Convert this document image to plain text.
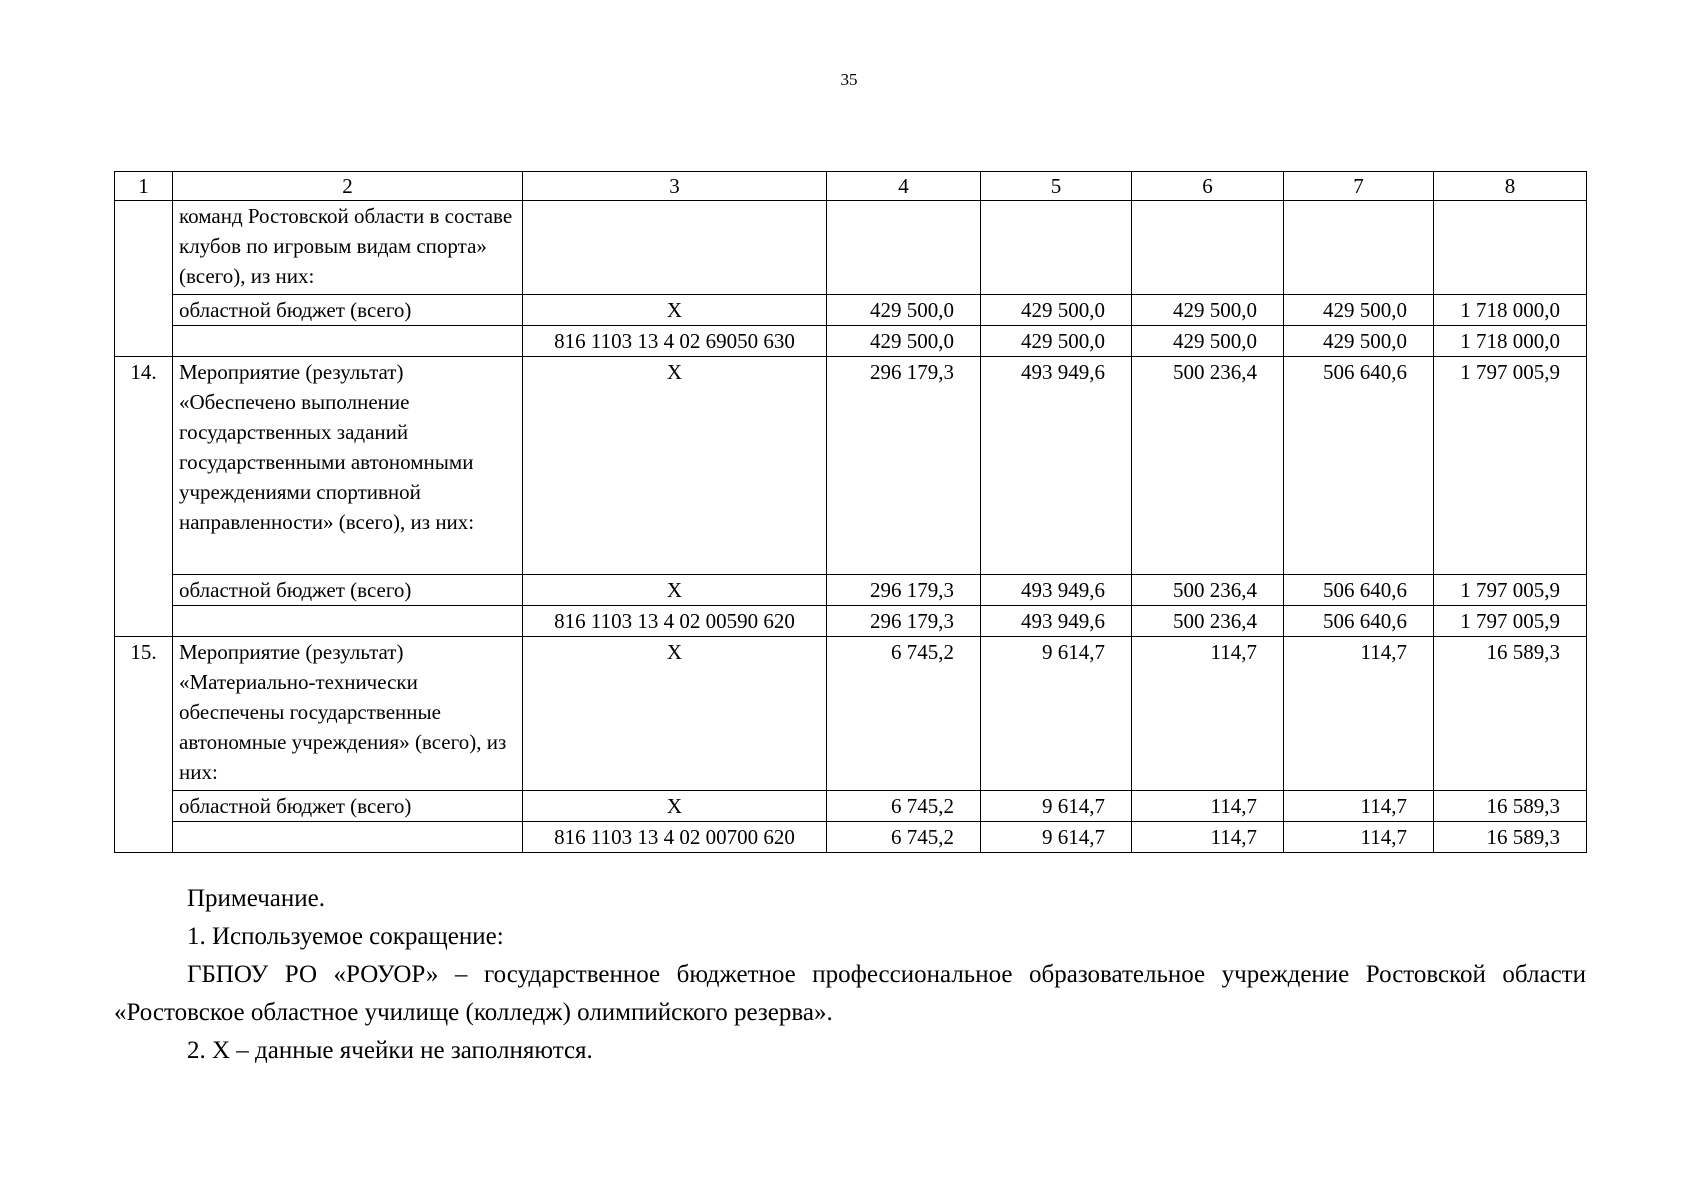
35
1	2	3	4	5	6	7	8
	команд Ростовской области в составе клубов по игровым видам спорта» (всего), из них:						
	областной бюджет (всего)	Х	429 500,0	429 500,0	429 500,0	429 500,0	1 718 000,0
		816 1103 13 4 02 69050 630	429 500,0	429 500,0	429 500,0	429 500,0	1 718 000,0
14.	Мероприятие (результат) «Обеспечено выполнение государственных заданий государственными автономными учреждениями спортивной направленности» (всего), из них:	Х	296 179,3	493 949,6	500 236,4	506 640,6	1 797 005,9
	областной бюджет (всего)	Х	296 179,3	493 949,6	500 236,4	506 640,6	1 797 005,9
		816 1103 13 4 02 00590 620	296 179,3	493 949,6	500 236,4	506 640,6	1 797 005,9
15.	Мероприятие (результат) «Материально-технически обеспечены государственные автономные учреждения» (всего), из них:	Х	6 745,2	9 614,7	114,7	114,7	16 589,3
	областной бюджет (всего)	Х	6 745,2	9 614,7	114,7	114,7	16 589,3
		816 1103 13 4 02 00700 620	6 745,2	9 614,7	114,7	114,7	16 589,3

Примечание.

1. Используемое сокращение:

ГБПОУ РО «РОУОР» – государственное бюджетное профессиональное образовательное учреждение Ростовской области «Ростовское областное училище (колледж) олимпийского резерва».

2. Х – данные ячейки не заполняются.
